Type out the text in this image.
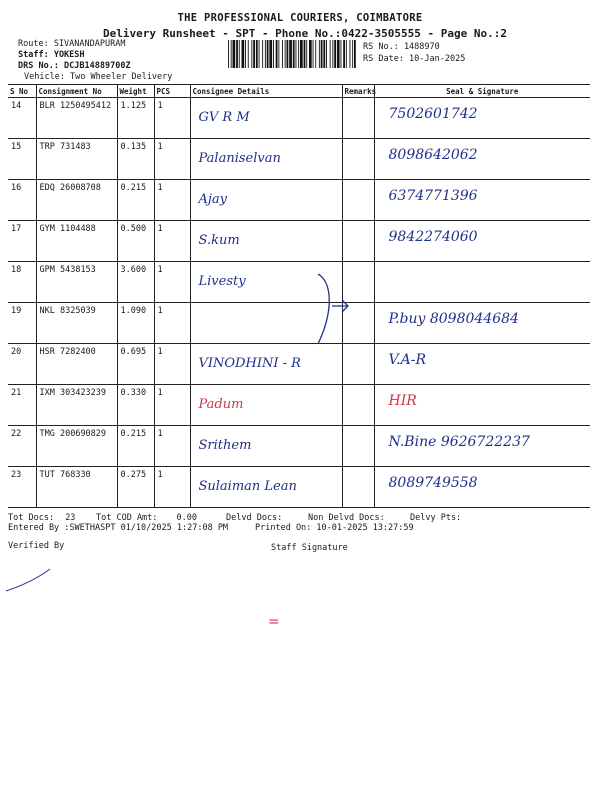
THE PROFESSIONAL COURIERS, COIMBATORE
Delivery Runsheet - SPT - Phone No.:0422-3505555 - Page No.:2
Route: SIVANANDAPURAM
Staff: YOKESH
DRS No.: DCJB14889700Z
Vehicle: Two Wheeler Delivery
RS No.: 1488970
RS Date: 10-Jan-2025
S No	Consignment No	Weight	PCS	Consignee Details	Remarks	Seal & Signature
14	BLR 1250495412	1.125	1	GV R M		7502601742

15	TRP 731483	0.135	1	Palaniselvan		8098642062

16	EDQ 26008708	0.215	1	Ajay		6374771396

17	GYM 1104488	0.500	1	S.kum		9842274060

18	GPM 5438153	3.600	1	Livesty		

19	NKL 8325039	1.090	1			P.buy 8098044684

20	HSR 7282400	0.695	1	VINODHINI - R		V.A-R

21	IXM 303423239	0.330	1	Padum		HIR

22	TMG 200690829	0.215	1	Srithem		N.Bine 9626722237

23	TUT 768330	0.275	1	Sulaiman Lean		8089749558
Tot Docs: 23 Tot COD Amt: 0.00	Delvd Docs:	Non Delvd Docs:	Delvy Pts:
Entered By :SWETHASPT 01/10/2025 1:27:08 PM	Printed On: 10-01-2025 13:27:59
Verified By	Staff Signature
=
